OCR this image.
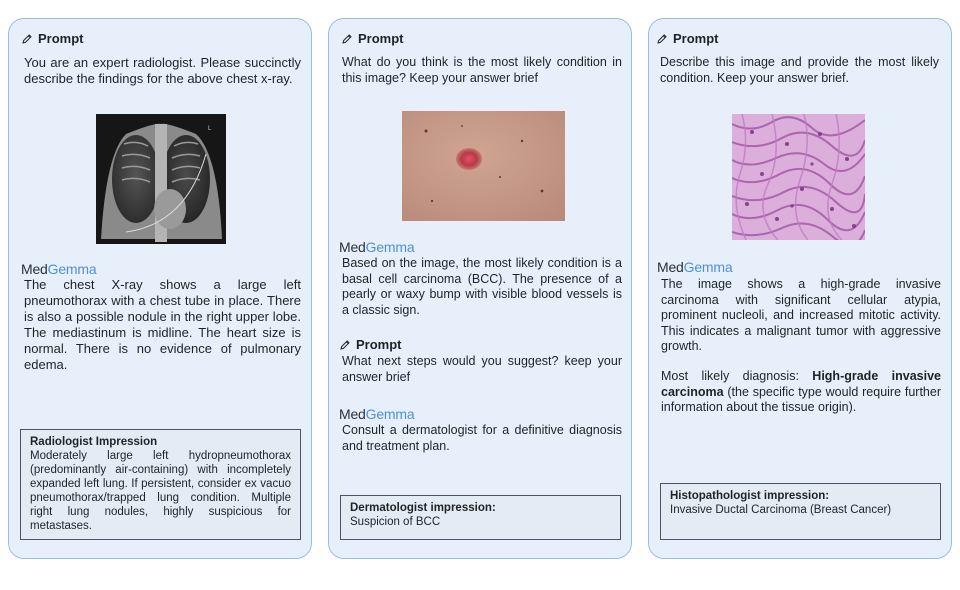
Prompt
You are an expert radiologist. Please succinctly describe the findings for the above chest x-ray.
L
MedGemma
The chest X-ray shows a large left pneumothorax with a chest tube in place. There is also a possible nodule in the right upper lobe. The mediastinum is midline. The heart size is normal. There is no evidence of pulmonary edema.
Radiologist Impression
Moderately large left hydropneumothorax (predominantly air-containing) with incompletely expanded left lung. If persistent, consider ex vacuo pneumothorax/trapped lung condition. Multiple right lung nodules, highly suspicious for metastases.
Prompt
What do you think is the most likely condition in this image? Keep your answer brief
MedGemma
Based on the image, the most likely condition is a basal cell carcinoma (BCC). The presence of a pearly or waxy bump with visible blood vessels is a classic sign.
Prompt
What next steps would you suggest? keep your answer brief
MedGemma
Consult a dermatologist for a definitive diagnosis and treatment plan.
Dermatologist impression:
Suspicion of BCC
Prompt
Describe this image and provide the most likely condition. Keep your answer brief.
MedGemma
The image shows a high-grade invasive carcinoma with significant cellular atypia, prominent nucleoli, and increased mitotic activity. This indicates a malignant tumor with aggressive growth.
Most likely diagnosis: High-grade invasive carcinoma (the specific type would require further information about the tissue origin).
Histopathologist impression:
Invasive Ductal Carcinoma (Breast Cancer)
